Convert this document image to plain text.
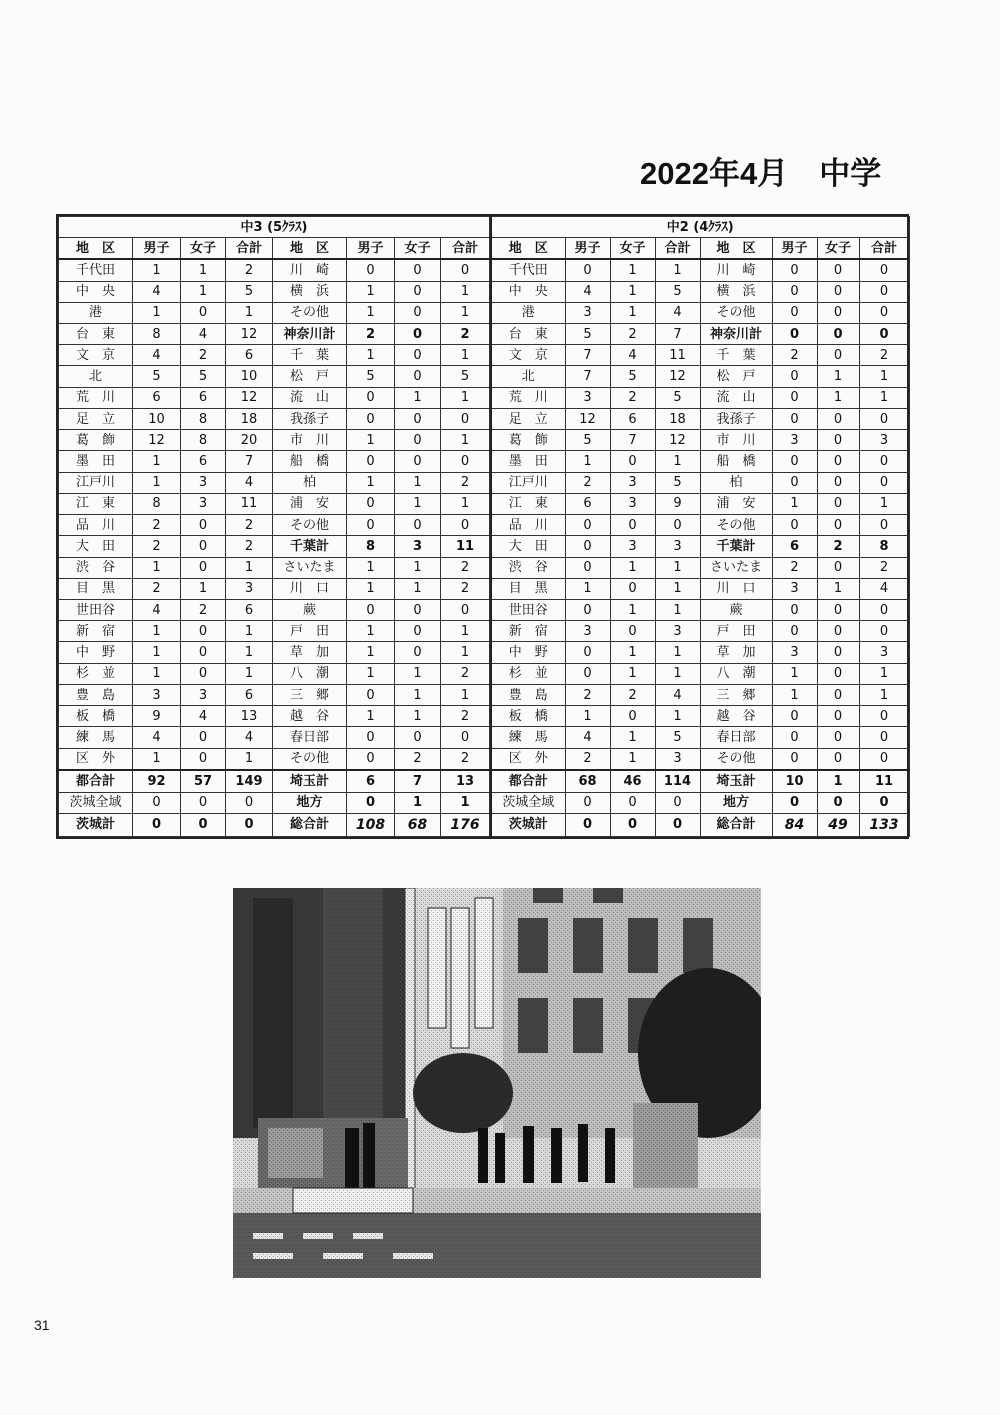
2022年4月　中学
中3 (5ｸﾗｽ)							
地　区	男子	女子	合計	地　区	男子	女子	合計
千代田	1	1	2	川　崎	0	0	0
中　央	4	1	5	横　浜	1	0	1
港	1	0	1	その他	1	0	1
台　東	8	4	12	神奈川計	2	0	2
文　京	4	2	6	千　葉	1	0	1
北	5	5	10	松　戸	5	0	5
荒　川	6	6	12	流　山	0	1	1
足　立	10	8	18	我孫子	0	0	0
葛　飾	12	8	20	市　川	1	0	1
墨　田	1	6	7	船　橋	0	0	0
江戸川	1	3	4	柏	1	1	2
江　東	8	3	11	浦　安	0	1	1
品　川	2	0	2	その他	0	0	0
大　田	2	0	2	千葉計	8	3	11
渋　谷	1	0	1	さいたま	1	1	2
目　黒	2	1	3	川　口	1	1	2
世田谷	4	2	6	蕨	0	0	0
新　宿	1	0	1	戸　田	1	0	1
中　野	1	0	1	草　加	1	0	1
杉　並	1	0	1	八　潮	1	1	2
豊　島	3	3	6	三　郷	0	1	1
板　橋	9	4	13	越　谷	1	1	2
練　馬	4	0	4	春日部	0	0	0
区　外	1	0	1	その他	0	2	2
都合計	92	57	149	埼玉計	6	7	13
茨城全域	0	0	0	地方	0	1	1
茨城計	0	0	0	総合計	108	68	176
中2 (4ｸﾗｽ)							
地　区	男子	女子	合計	地　区	男子	女子	合計
千代田	0	1	1	川　崎	0	0	0
中　央	4	1	5	横　浜	0	0	0
港	3	1	4	その他	0	0	0
台　東	5	2	7	神奈川計	0	0	0
文　京	7	4	11	千　葉	2	0	2
北	7	5	12	松　戸	0	1	1
荒　川	3	2	5	流　山	0	1	1
足　立	12	6	18	我孫子	0	0	0
葛　飾	5	7	12	市　川	3	0	3
墨　田	1	0	1	船　橋	0	0	0
江戸川	2	3	5	柏	0	0	0
江　東	6	3	9	浦　安	1	0	1
品　川	0	0	0	その他	0	0	0
大　田	0	3	3	千葉計	6	2	8
渋　谷	0	1	1	さいたま	2	0	2
目　黒	1	0	1	川　口	3	1	4
世田谷	0	1	1	蕨	0	0	0
新　宿	3	0	3	戸　田	0	0	0
中　野	0	1	1	草　加	3	0	3
杉　並	0	1	1	八　潮	1	0	1
豊　島	2	2	4	三　郷	1	0	1
板　橋	1	0	1	越　谷	0	0	0
練　馬	4	1	5	春日部	0	0	0
区　外	2	1	3	その他	0	0	0
都合計	68	46	114	埼玉計	10	1	11
茨城全域	0	0	0	地方	0	0	0
茨城計	0	0	0	総合計	84	49	133
31
